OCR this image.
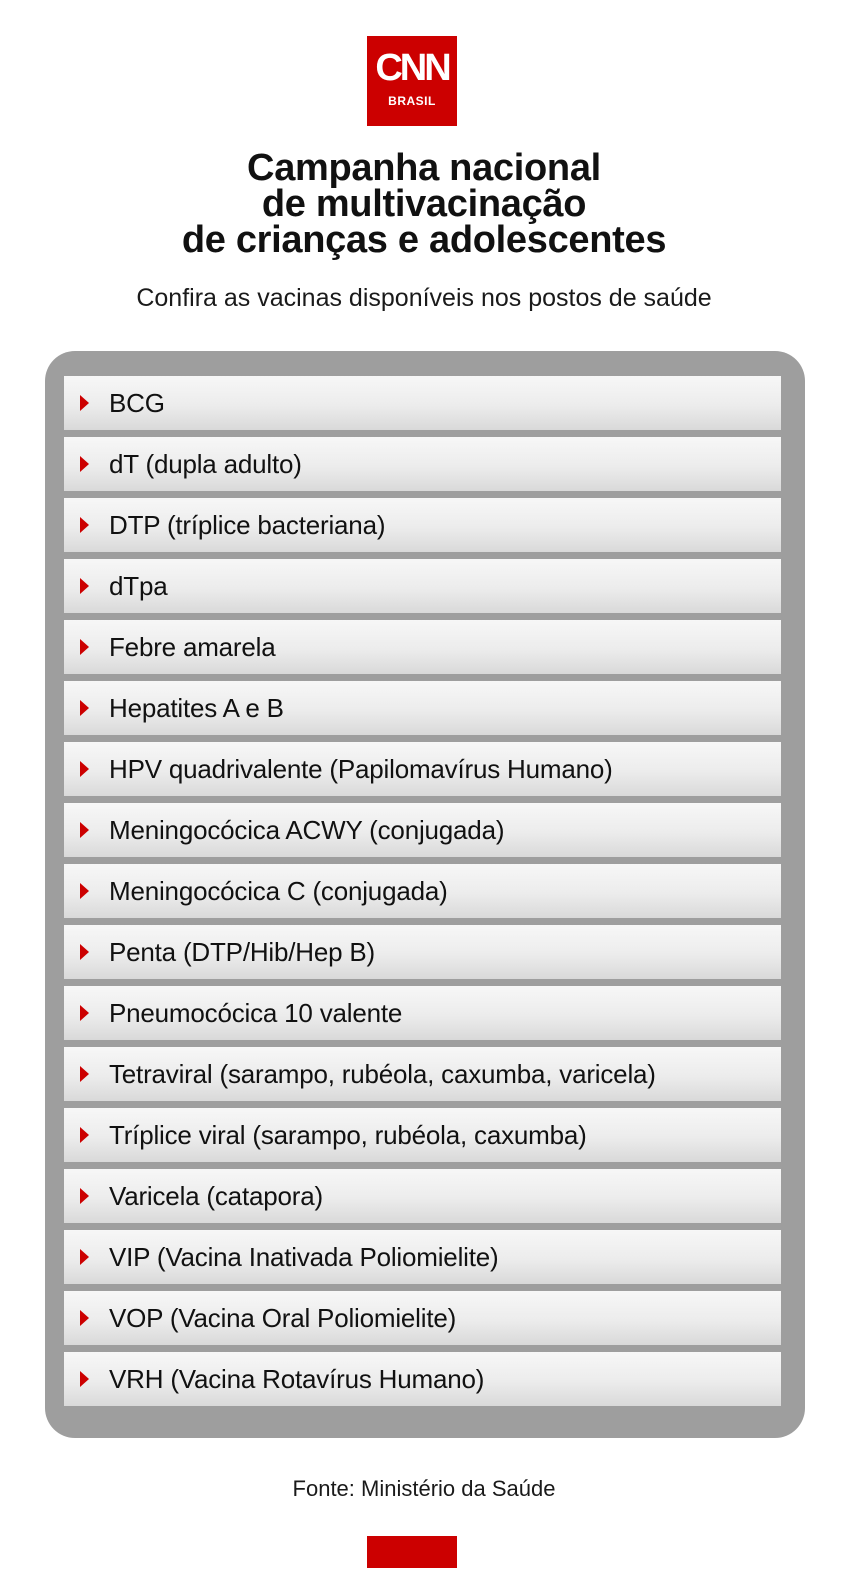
CNN
BRASIL
Campanha nacional
de multivacinação
de crianças e adolescentes
Confira as vacinas disponíveis nos postos de saúde
BCG
dT (dupla adulto)
DTP (tríplice bacteriana)
dTpa
Febre amarela
Hepatites A e B
HPV quadrivalente (Papilomavírus Humano)
Meningocócica ACWY (conjugada)
Meningocócica C (conjugada)
Penta (DTP/Hib/Hep B)
Pneumocócica 10 valente
Tetraviral (sarampo, rubéola, caxumba, varicela)
Tríplice viral (sarampo, rubéola, caxumba)
Varicela (catapora)
VIP (Vacina Inativada Poliomielite)
VOP (Vacina Oral Poliomielite)
VRH (Vacina Rotavírus Humano)
Fonte: Ministério da Saúde
